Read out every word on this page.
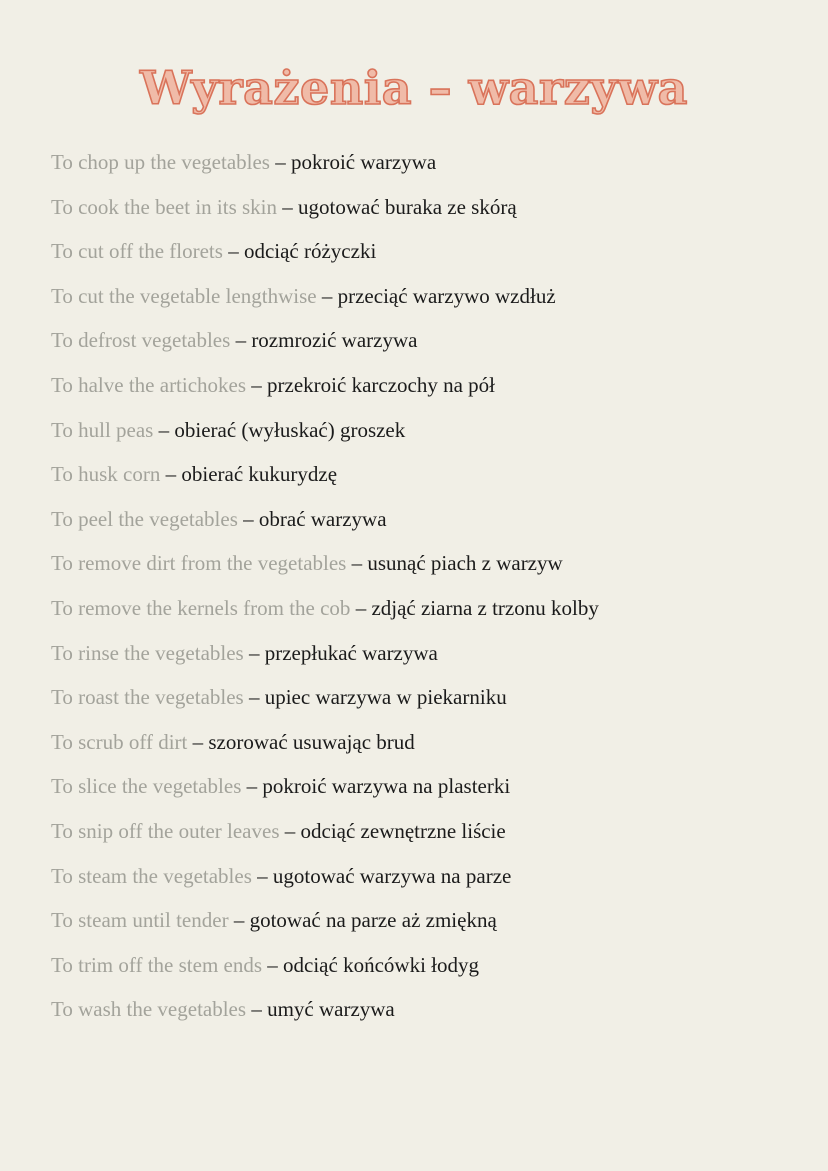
Wyrażenia – warzywa
To chop up the vegetables – pokroić warzywa
To cook the beet in its skin – ugotować buraka ze skórą
To cut off the florets – odciąć różyczki
To cut the vegetable lengthwise – przeciąć warzywo wzdłuż
To defrost vegetables – rozmrozić warzywa
To halve the artichokes – przekroić karczochy na pół
To hull peas – obierać (wyłuskać) groszek
To husk corn – obierać kukurydzę
To peel the vegetables – obrać warzywa
To remove dirt from the vegetables – usunąć piach z warzyw
To remove the kernels from the cob – zdjąć ziarna z trzonu kolby
To rinse the vegetables – przepłukać warzywa
To roast the vegetables – upiec warzywa w piekarniku
To scrub off dirt – szorować usuwając brud
To slice the vegetables – pokroić warzywa na plasterki
To snip off the outer leaves – odciąć zewnętrzne liście
To steam the vegetables – ugotować warzywa na parze
To steam until tender – gotować na parze aż zmiękną
To trim off the stem ends – odciąć końcówki łodyg
To wash the vegetables – umyć warzywa
